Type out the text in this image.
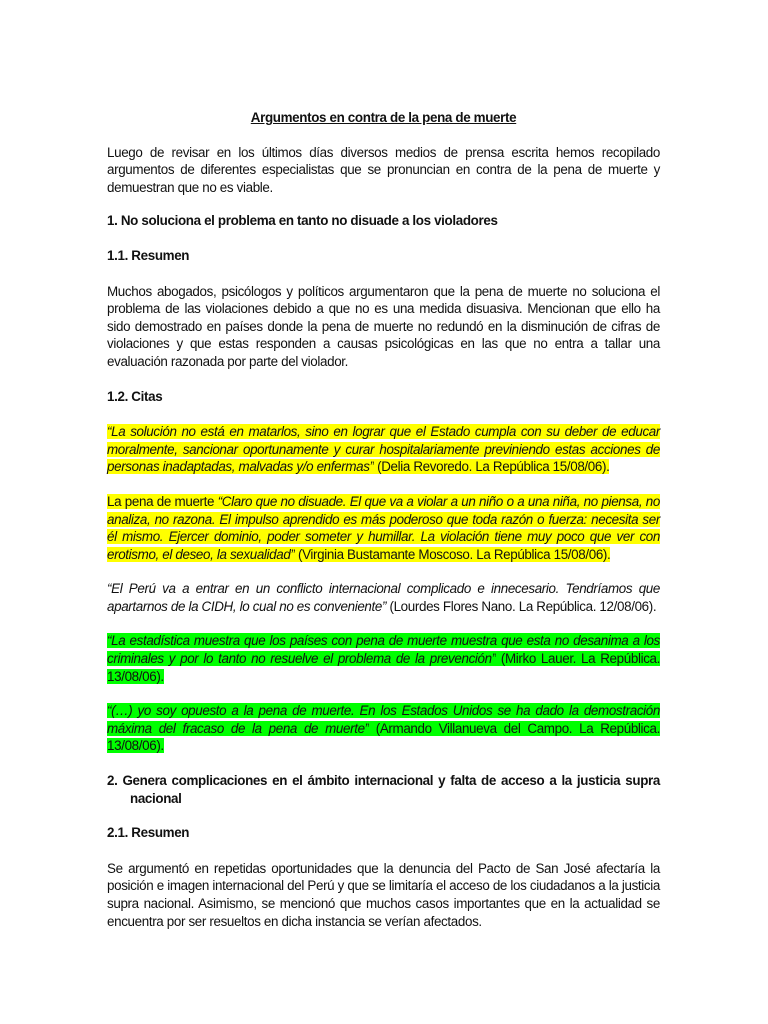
Argumentos en contra de la pena de muerte

Luego de revisar en los últimos días diversos medios de prensa escrita hemos recopilado argumentos de diferentes especialistas que se pronuncian en contra de la pena de muerte y demuestran que no es viable.

1. No soluciona el problema en tanto no disuade a los violadores
1.1. Resumen

Muchos abogados, psicólogos y políticos argumentaron que la pena de muerte no soluciona el problema de las violaciones debido a que no es una medida disuasiva. Mencionan que ello ha sido demostrado en países donde la pena de muerte no redundó en la disminución de cifras de violaciones y que estas responden a causas psicológicas en las que no entra a tallar una evaluación razonada por parte del violador.

1.2. Citas

“La solución no está en matarlos, sino en lograr que el Estado cumpla con su deber de educar moralmente, sancionar oportunamente y curar hospitalariamente previniendo estas acciones de personas inadaptadas, malvadas y/o enfermas” (Delia Revoredo. La República 15/08/06).

La pena de muerte “Claro que no disuade. El que va a violar a un niño o a una niña, no piensa, no analiza, no razona. El impulso aprendido es más poderoso que toda razón o fuerza: necesita ser él mismo. Ejercer dominio, poder someter y humillar. La violación tiene muy poco que ver con erotismo, el deseo, la sexualidad” (Virginia Bustamante Moscoso. La República 15/08/06).

“El Perú va a entrar en un conflicto internacional complicado e innecesario. Tendríamos que apartarnos de la CIDH, lo cual no es conveniente” (Lourdes Flores Nano. La República. 12/08/06).

“La estadística muestra que los países con pena de muerte muestra que esta no desanima a los criminales y por lo tanto no resuelve el problema de la prevención” (Mirko Lauer. La República. 13/08/06).

“(…) yo soy opuesto a la pena de muerte. En los Estados Unidos se ha dado la demostración máxima del fracaso de la pena de muerte” (Armando Villanueva del Campo. La República. 13/08/06).

2. Genera complicaciones en el ámbito internacional y falta de acceso a la justicia supra nacional
2.1. Resumen

Se argumentó en repetidas oportunidades que la denuncia del Pacto de San José afectaría la posición e imagen internacional del Perú y que se limitaría el acceso de los ciudadanos a la justicia supra nacional. Asimismo, se mencionó que muchos casos importantes que en la actualidad se encuentra por ser resueltos en dicha instancia se verían afectados.
